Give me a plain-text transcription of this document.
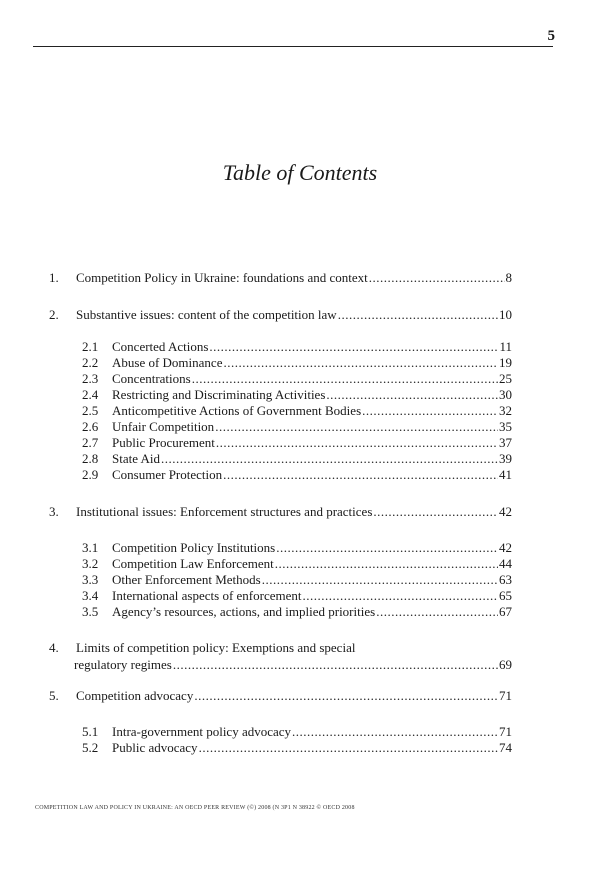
5
Table of Contents
1. Competition Policy in Ukraine: foundations and context .....	8
2. Substantive issues: content of the competition law .....	10
2.1 Concerted Actions .....	11
2.2 Abuse of Dominance .....	19
2.3 Concentrations .....	25
2.4 Restricting and Discriminating Activities .....	30
2.5 Anticompetitive Actions of Government Bodies .....	32
2.6 Unfair Competition .....	35
2.7 Public Procurement .....	37
2.8 State Aid .....	39
2.9 Consumer Protection .....	41
3. Institutional issues: Enforcement structures and practices .....	42
3.1 Competition Policy Institutions .....	42
3.2 Competition Law Enforcement .....	44
3.3 Other Enforcement Methods .....	63
3.4 International aspects of enforcement .....	65
3.5 Agency’s resources, actions, and implied priorities .....	67
4. Limits of competition policy: Exemptions and special
regulatory regimes .....	69
5. Competition advocacy .....	71
5.1 Intra-government policy advocacy .....	71
5.2 Public advocacy .....	74
COMPETITION LAW AND POLICY IN UKRAINE: AN OECD PEER REVIEW (©) 2008 (N 3P1 N 38922 © OECD 2008
